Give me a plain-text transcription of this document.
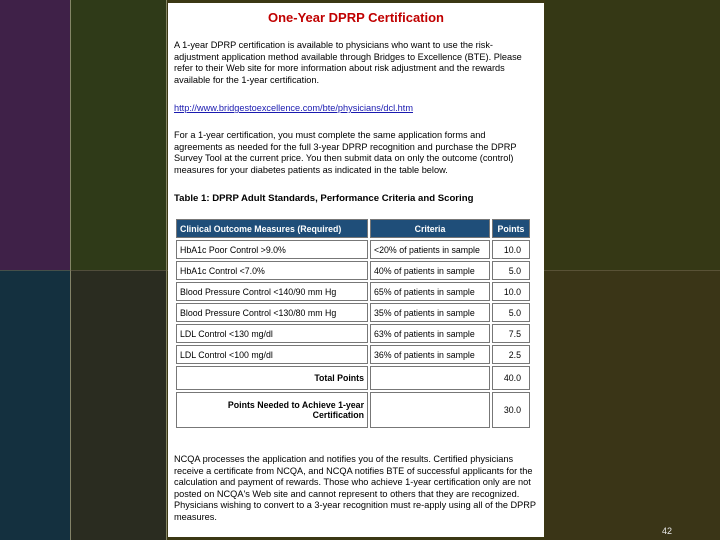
One-Year DPRP Certification

A 1-year DPRP certification is available to physicians who want to use the risk-adjustment application method available through Bridges to Excellence (BTE). Please refer to their Web site for more information about risk adjustment and the rewards available for the 1-year certification.

http://www.bridgestoexcellence.com/bte/physicians/dcl.htm

For a 1-year certification, you must complete the same application forms and agreements as needed for the full 3-year DPRP recognition and purchase the DPRP Survey Tool at the current price. You then submit data on only the outcome (control) measures for your diabetes patients as indicated in the table below.

Table 1: DPRP Adult Standards, Performance Criteria and Scoring
Clinical Outcome Measures (Required)	Criteria	Points
HbA1c Poor Control >9.0%	<20% of patients in sample	10.0
HbA1c Control <7.0%	40% of patients in sample	5.0
Blood Pressure Control <140/90 mm Hg	65% of patients in sample	10.0
Blood Pressure Control <130/80 mm Hg	35% of patients in sample	5.0
LDL Control <130 mg/dl	63% of patients in sample	7.5
LDL Control <100 mg/dl	36% of patients in sample	2.5
Total Points		40.0
Points Needed to Achieve 1-year Certification		30.0

NCQA processes the application and notifies you of the results. Certified physicians receive a certificate from NCQA, and NCQA notifies BTE of successful applicants for the calculation and payment of rewards. Those who achieve 1-year certification only are not posted on NCQA's Web site and cannot represent to others that they are recognized. Physicians wishing to convert to a 3-year recognition must re-apply using all of the DPRP measures.

42
